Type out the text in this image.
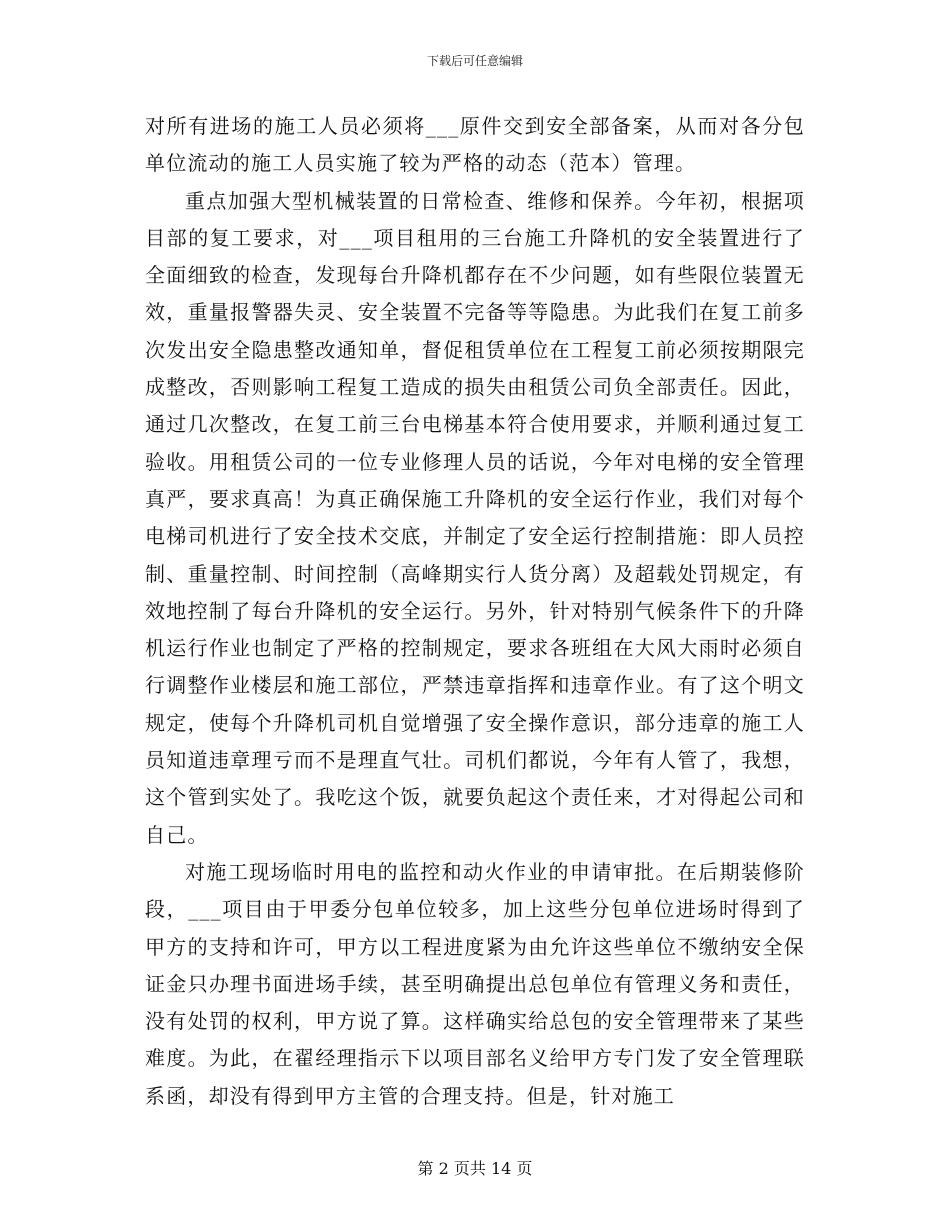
下载后可任意编辑

对所有进场的施工人员必须将___原件交到安全部备案，从而对各分包单位流动的施工人员实施了较为严格的动态（范本）管理。

重点加强大型机械装置的日常检查、维修和保养。今年初，根据项目部的复工要求，对___项目租用的三台施工升降机的安全装置进行了全面细致的检查，发现每台升降机都存在不少问题，如有些限位装置无效，重量报警器失灵、安全装置不完备等等隐患。为此我们在复工前多次发出安全隐患整改通知单，督促租赁单位在工程复工前必须按期限完成整改，否则影响工程复工造成的损失由租赁公司负全部责任。因此，通过几次整改，在复工前三台电梯基本符合使用要求，并顺利通过复工验收。用租赁公司的一位专业修理人员的话说，今年对电梯的安全管理真严，要求真高！为真正确保施工升降机的安全运行作业，我们对每个电梯司机进行了安全技术交底，并制定了安全运行控制措施：即人员控制、重量控制、时间控制（高峰期实行人货分离）及超载处罚规定，有效地控制了每台升降机的安全运行。另外，针对特别气候条件下的升降机运行作业也制定了严格的控制规定，要求各班组在大风大雨时必须自行调整作业楼层和施工部位，严禁违章指挥和违章作业。有了这个明文规定，使每个升降机司机自觉增强了安全操作意识，部分违章的施工人员知道违章理亏而不是理直气壮。司机们都说，今年有人管了，我想，这个管到实处了。我吃这个饭，就要负起这个责任来，才对得起公司和自己。

对施工现场临时用电的监控和动火作业的申请审批。在后期装修阶段，___项目由于甲委分包单位较多，加上这些分包单位进场时得到了甲方的支持和许可，甲方以工程进度紧为由允许这些单位不缴纳安全保证金只办理书面进场手续，甚至明确提出总包单位有管理义务和责任，没有处罚的权利，甲方说了算。这样确实给总包的安全管理带来了某些难度。为此，在翟经理指示下以项目部名义给甲方专门发了安全管理联系函，却没有得到甲方主管的合理支持。但是，针对施工

第 2 页共 14 页
